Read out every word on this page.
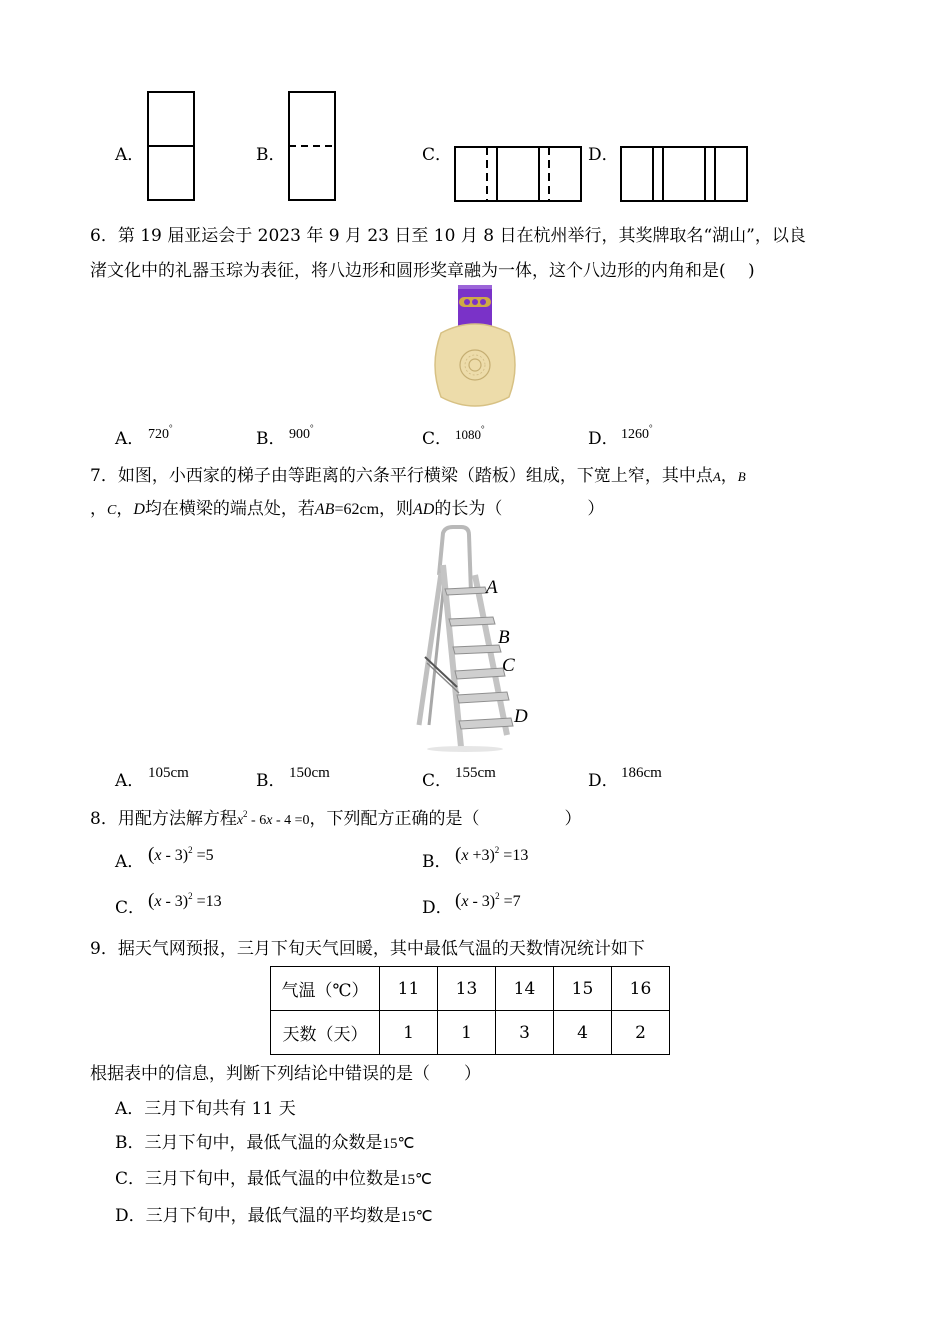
A．	B．	C．	D．
6．第 19 届亚运会于 2023 年 9 月 23 日至 10 月 8 日在杭州举行，其奖牌取名“湖山”，以良
渚文化中的礼器玉琮为表征，将八边形和圆形奖章融为一体，这个八边形的内角和是(　 )
A． 720°
B． 900°
C． 1080°	D． 1260°
7．如图，小西家的梯子由等距离的六条平行横梁（踏板）组成，下宽上窄，其中点A，B
，C，D均在横梁的端点处，若AB=62cm，则AD的长为（　　　　　）
A
B
C
D
A． 105cm	B． 150cm	C． 155cm	D． 186cm
8．用配方法解方程$x^2 - 6x - 4 =0$，下列配方正确的是（　　　　　）
A． (x - 3)$^2$ =5	B． $(x +3)^2 =13$
C． (x - 3)$^2$ =13	D． (x - 3)$^2$ =7
9．据天气网预报，三月下旬天气回暖，其中最低气温的天数情况统计如下
气温（℃）	11	13	14	15	16
天数（天）	1	1	3	4	2
根据表中的信息，判断下列结论中错误的是（　　）
A．三月下旬共有 11 天
B．三月下旬中，最低气温的众数是15℃
C．三月下旬中，最低气温的中位数是15℃
D．三月下旬中，最低气温的平均数是15℃
